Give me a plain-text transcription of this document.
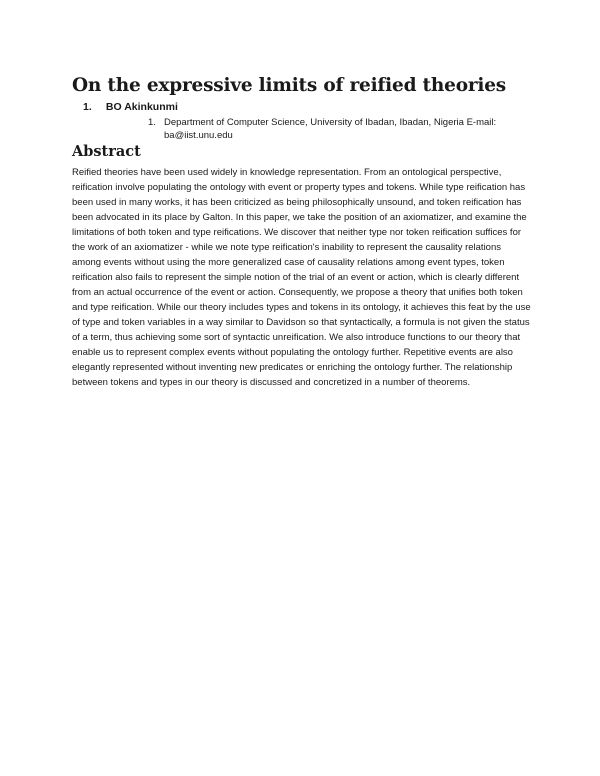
On the expressive limits of reified theories
1. BO Akinkunmi
1. Department of Computer Science, University of Ibadan, Ibadan, Nigeria E-mail: ba@iist.unu.edu
Abstract

Reified theories have been used widely in knowledge representation. From an ontological perspective, reification involve populating the ontology with event or property types and tokens. While type reification has been used in many works, it has been criticized as being philosophically unsound, and token reification has been advocated in its place by Galton. In this paper, we take the position of an axiomatizer, and examine the limitations of both token and type reifications. We discover that neither type nor token reification suffices for the work of an axiomatizer - while we note type reification's inability to represent the causality relations among events without using the more generalized case of causality relations among event types, token reification also fails to represent the simple notion of the trial of an event or action, which is clearly different from an actual occurrence of the event or action. Consequently, we propose a theory that unifies both token and type reification. While our theory includes types and tokens in its ontology, it achieves this feat by the use of type and token variables in a way similar to Davidson so that syntactically, a formula is not given the status of a term, thus achieving some sort of syntactic unreification. We also introduce functions to our theory that enable us to represent complex events without populating the ontology further. Repetitive events are also elegantly represented without inventing new predicates or enriching the ontology further. The relationship between tokens and types in our theory is discussed and concretized in a number of theorems.
